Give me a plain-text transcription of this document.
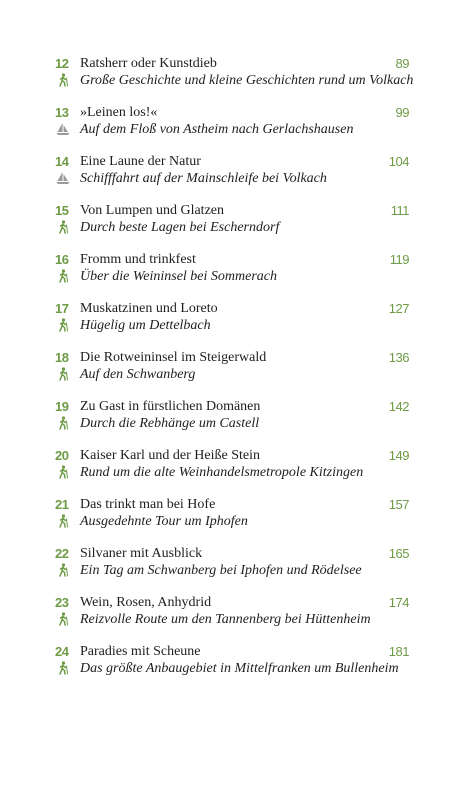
12 Ratsherr oder Kunstdieb
Große Geschichte und kleine Geschichten rund um Volkach
89
13 »Leinen los!«
Auf dem Floß von Astheim nach Gerlachshausen
99
14 Eine Laune der Natur
Schifffahrt auf der Mainschleife bei Volkach
104
15 Von Lumpen und Glatzen
Durch beste Lagen bei Escherndorf
111
16 Fromm und trinkfest
Über die Weininsel bei Sommerach
119
17 Muskatzinen und Loreto
Hügelig um Dettelbach
127
18 Die Rotweininsel im Steigerwald
Auf den Schwanberg
136
19 Zu Gast in fürstlichen Domänen
Durch die Rebhänge um Castell
142
20 Kaiser Karl und der Heiße Stein
Rund um die alte Weinhandelsmetropole Kitzingen
149
21 Das trinkt man bei Hofe
Ausgedehnte Tour um Iphofen
157
22 Silvaner mit Ausblick
Ein Tag am Schwanberg bei Iphofen und Rödelsee
165
23 Wein, Rosen, Anhydrid
Reizvolle Route um den Tannenberg bei Hüttenheim
174
24 Paradies mit Scheune
Das größte Anbaugebiet in Mittelfranken um Bullenheim
181
